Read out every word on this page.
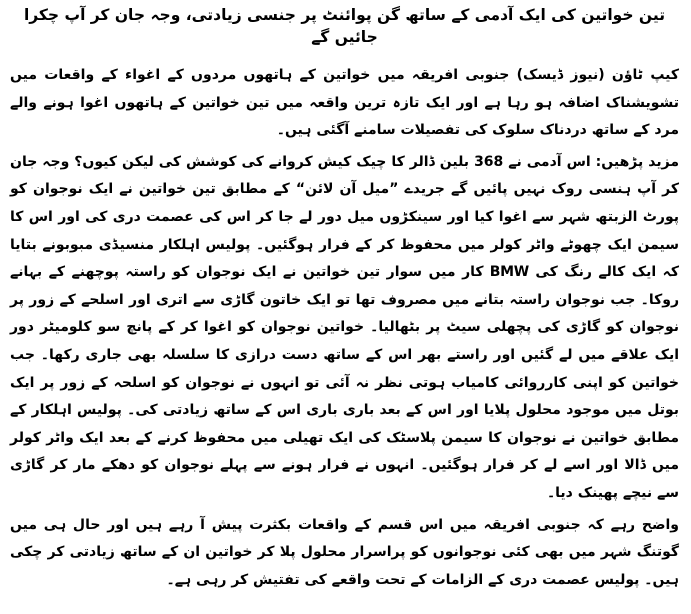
تین خواتین کی ایک آدمی کے ساتھ گن پوائنٹ پر جنسی زیادتی، وجہ جان کر آپ چکرا جائیں گے

کیپ ٹاؤن (نیوز ڈیسک) جنوبی افریقہ میں خواتین کے ہاتھوں مردوں کے اغواء کے واقعات میں تشویشناک اضافہ ہو رہا ہے اور ایک تازہ ترین واقعہ میں تین خواتین کے ہاتھوں اغوا ہونے والے مرد کے ساتھ دردناک سلوک کی تفصیلات سامنے آگئی ہیں۔

مزید پڑھیں: اس آدمی نے 368 بلین ڈالر کا چیک کیش کروانے کی کوشش کی لیکن کیوں؟ وجہ جان کر آپ ہنسی روک نہیں پائیں گے جریدے ”میل آن لائن“ کے مطابق تین خواتین نے ایک نوجوان کو پورٹ الزبتھ شہر سے اغوا کیا اور سینکڑوں میل دور لے جا کر اس کی عصمت دری کی اور اس کا سیمن ایک چھوٹے واٹر کولر میں محفوظ کر کے فرار ہوگئیں۔ پولیس اہلکار منسیڈی مبوبونے بتایا کہ ایک کالے رنگ کی BMW کار میں سوار تین خواتین نے ایک نوجوان کو راستہ پوچھنے کے بہانے روکا۔ جب نوجوان راستہ بتانے میں مصروف تھا تو ایک خاتون گاڑی سے اتری اور اسلحے کے زور پر نوجوان کو گاڑی کی پچھلی سیٹ پر بٹھالیا۔ خواتین نوجوان کو اغوا کر کے پانچ سو کلومیٹر دور ایک علاقے میں لے گئیں اور راستے بھر اس کے ساتھ دست درازی کا سلسلہ بھی جاری رکھا۔ جب خواتین کو اپنی کارروائی کامیاب ہوتی نظر نہ آئی تو انہوں نے نوجوان کو اسلحہ کے زور پر ایک بوتل میں موجود محلول پلایا اور اس کے بعد باری باری اس کے ساتھ زیادتی کی۔ پولیس اہلکار کے مطابق خواتین نے نوجوان کا سیمن پلاسٹک کی ایک تھیلی میں محفوظ کرنے کے بعد ایک واٹر کولر میں ڈالا اور اسے لے کر فرار ہوگئیں۔ انہوں نے فرار ہونے سے پہلے نوجوان کو دھکے مار کر گاڑی سے نیچے پھینک دیا۔

واضح رہے کہ جنوبی افریقہ میں اس قسم کے واقعات بکثرت پیش آ رہے ہیں اور حال ہی میں گوتنگ شہر میں بھی کئی نوجوانوں کو پراسرار محلول پلا کر خواتین ان کے ساتھ زیادتی کر چکی ہیں۔ پولیس عصمت دری کے الزامات کے تحت واقعے کی تفتیش کر رہی ہے۔
